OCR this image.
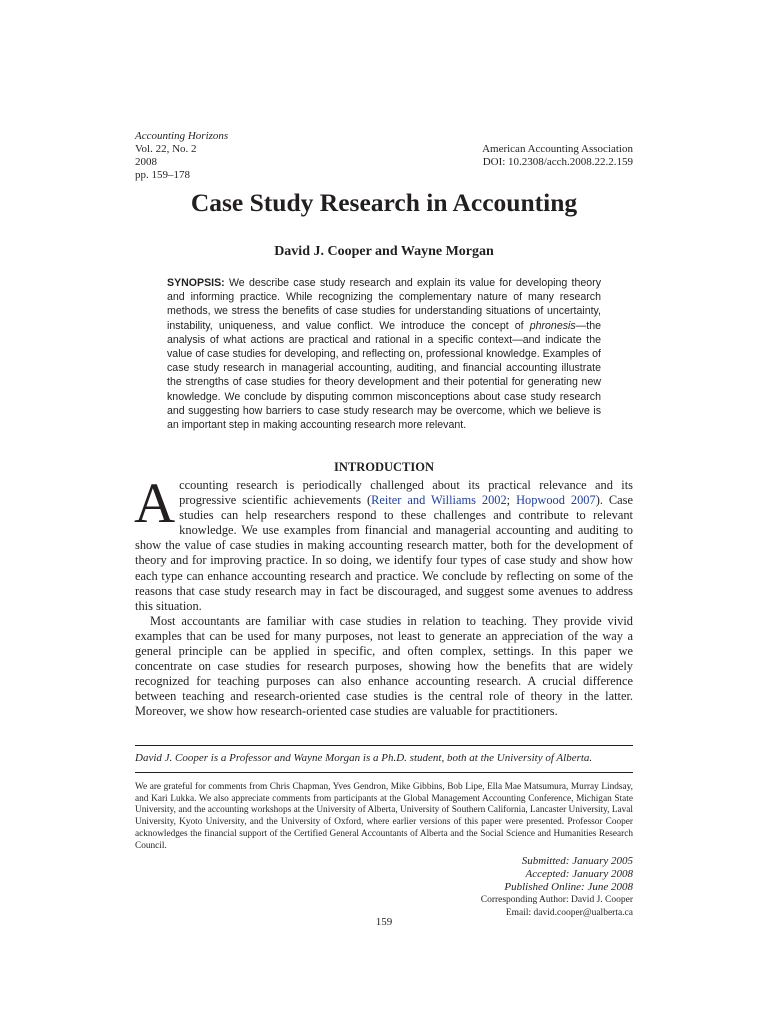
Accounting Horizons
Vol. 22, No. 2
2008
pp. 159–178
American Accounting Association
DOI: 10.2308/acch.2008.22.2.159
Case Study Research in Accounting
David J. Cooper and Wayne Morgan
SYNOPSIS: We describe case study research and explain its value for developing theory and informing practice. While recognizing the complementary nature of many research methods, we stress the benefits of case studies for understanding situations of uncertainty, instability, uniqueness, and value conflict. We introduce the concept of phronesis—the analysis of what actions are practical and rational in a specific context—and indicate the value of case studies for developing, and reflecting on, professional knowledge. Examples of case study research in managerial accounting, auditing, and financial accounting illustrate the strengths of case studies for theory development and their potential for generating new knowledge. We conclude by disputing common misconceptions about case study research and suggesting how barriers to case study research may be overcome, which we believe is an important step in making accounting research more relevant.
INTRODUCTION

Accounting research is periodically challenged about its practical relevance and its progressive scientific achievements (Reiter and Williams 2002; Hopwood 2007). Case studies can help researchers respond to these challenges and contribute to relevant knowledge. We use examples from financial and managerial accounting and auditing to show the value of case studies in making accounting research matter, both for the development of theory and for improving practice. In so doing, we identify four types of case study and show how each type can enhance accounting research and practice. We conclude by reflecting on some of the reasons that case study research may in fact be discouraged, and suggest some avenues to address this situation.

Most accountants are familiar with case studies in relation to teaching. They provide vivid examples that can be used for many purposes, not least to generate an appreciation of the way a general principle can be applied in specific, and often complex, settings. In this paper we concentrate on case studies for research purposes, showing how the benefits that are widely recognized for teaching purposes can also enhance accounting research. A crucial difference between teaching and research-oriented case studies is the central role of theory in the latter. Moreover, we show how research-oriented case studies are valuable for practitioners.

David J. Cooper is a Professor and Wayne Morgan is a Ph.D. student, both at the University of Alberta.
We are grateful for comments from Chris Chapman, Yves Gendron, Mike Gibbins, Bob Lipe, Ella Mae Matsumura, Murray Lindsay, and Kari Lukka. We also appreciate comments from participants at the Global Management Accounting Conference, Michigan State University, and the accounting workshops at the University of Alberta, University of Southern California, Lancaster University, Laval University, Kyoto University, and the University of Oxford, where earlier versions of this paper were presented. Professor Cooper acknowledges the financial support of the Certified General Accountants of Alberta and the Social Science and Humanities Research Council.
Submitted: January 2005
Accepted: January 2008
Published Online: June 2008
Corresponding Author: David J. Cooper
Email: david.cooper@ualberta.ca
159
